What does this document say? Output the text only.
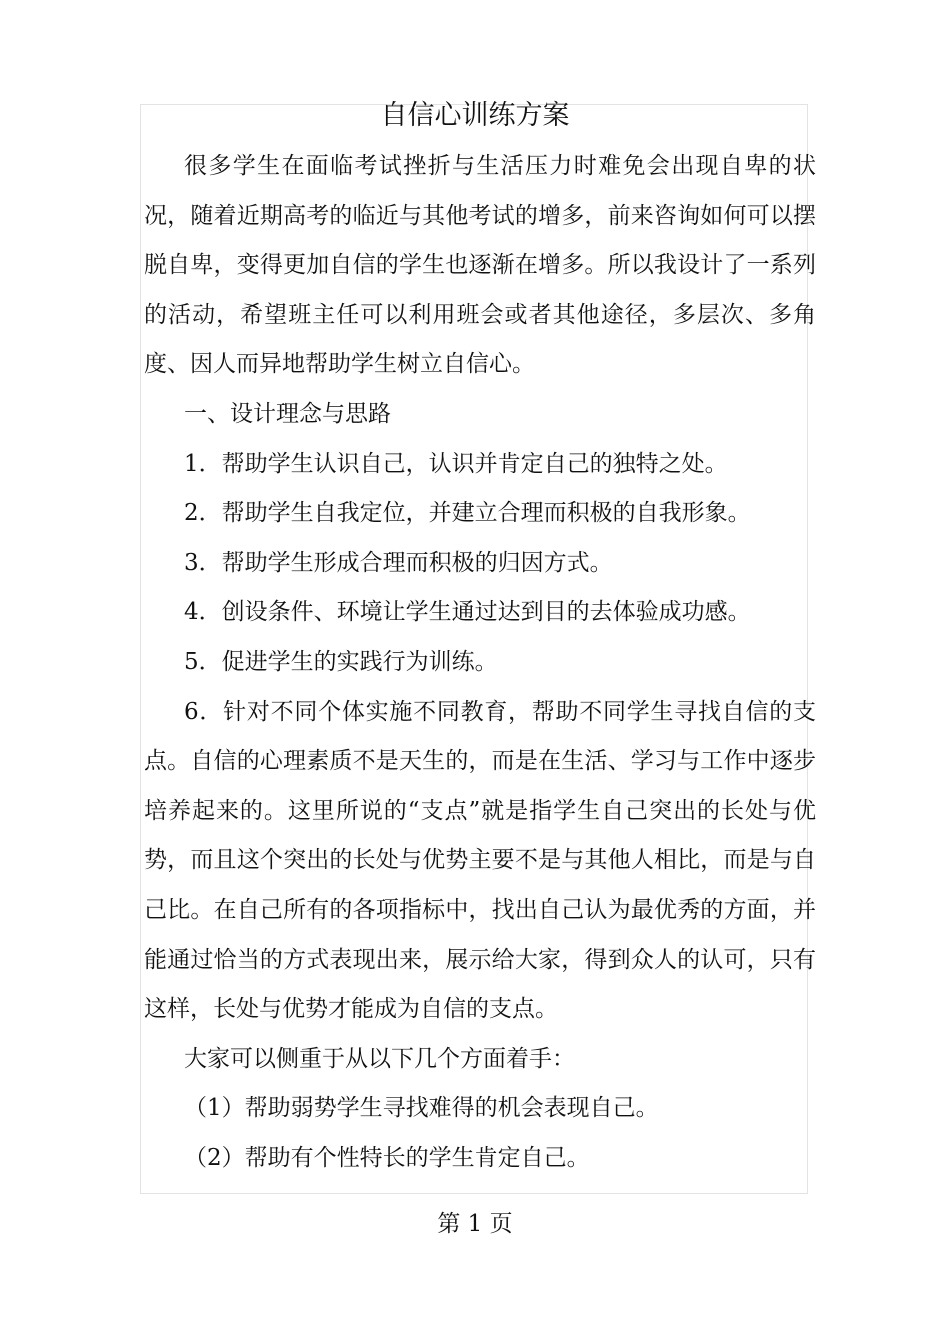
自信心训练方案

很多学生在面临考试挫折与生活压力时难免会出现自卑的状况，随着近期高考的临近与其他考试的增多，前来咨询如何可以摆脱自卑，变得更加自信的学生也逐渐在增多。所以我设计了一系列的活动，希望班主任可以利用班会或者其他途径，多层次、多角度、因人而异地帮助学生树立自信心。

一、设计理念与思路

1．帮助学生认识自己，认识并肯定自己的独特之处。

2．帮助学生自我定位，并建立合理而积极的自我形象。

3．帮助学生形成合理而积极的归因方式。

4．创设条件、环境让学生通过达到目的去体验成功感。

5．促进学生的实践行为训练。

6．针对不同个体实施不同教育，帮助不同学生寻找自信的支点。自信的心理素质不是天生的，而是在生活、学习与工作中逐步培养起来的。这里所说的“支点”就是指学生自己突出的长处与优势，而且这个突出的长处与优势主要不是与其他人相比，而是与自己比。在自己所有的各项指标中，找出自己认为最优秀的方面，并能通过恰当的方式表现出来，展示给大家，得到众人的认可，只有这样，长处与优势才能成为自信的支点。

大家可以侧重于从以下几个方面着手：

（1）帮助弱势学生寻找难得的机会表现自己。

（2）帮助有个性特长的学生肯定自己。

第 1 页
